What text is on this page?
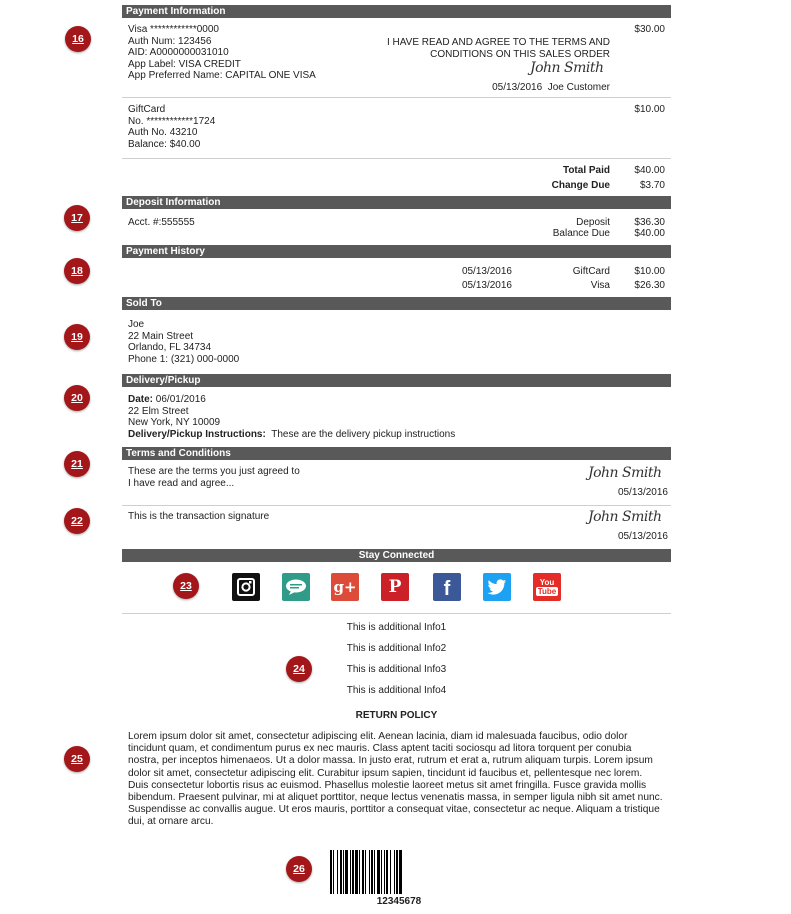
Payment Information
16
Visa ************0000
Auth Num: 123456
AID: A0000000031010
App Label: VISA CREDIT
App Preferred Name: CAPITAL ONE VISA
I HAVE READ AND AGREE TO THE TERMS AND
CONDITIONS ON THIS SALES ORDER
John Smith
05/13/2016 Joe Customer
$30.00
GiftCard
No. ************1724
Auth No. 43210
Balance: $40.00
$10.00
Total Paid $40.00
Change Due	$3.70
Deposit Information
17	Acct. #:555555	Deposit $36.30
Balance Due $40.00
Payment History
18	05/13/2016	GiftCard $10.00
05/13/2016	Visa $26.30
Sold To
19
Joe
22 Main Street
Orlando, FL 34734
Phone 1: (321) 000-0000
Delivery/Pickup
20	Date: 06/01/2016
22 Elm Street
New York, NY 10009
Delivery/Pickup Instructions: These are the delivery pickup instructions
Terms and Conditions
21
These are the terms you just agreed to
I have read and agree...
John Smith
05/13/2016
22	This is the transaction signature	John Smith
05/13/2016
Stay Connected
23	g+	P	f	You
Tube
24
This is additional Info1
This is additional Info2
This is additional Info3
This is additional Info4
RETURN POLICY
25
Lorem ipsum dolor sit amet, consectetur adipiscing elit. Aenean lacinia, diam id malesuada faucibus, odio dolor tincidunt quam, et condimentum purus ex nec mauris. Class aptent taciti sociosqu ad litora torquent per conubia nostra, per inceptos himenaeos. Ut a dolor massa. In justo erat, rutrum et erat a, rutrum aliquam turpis. Lorem ipsum dolor sit amet, consectetur adipiscing elit. Curabitur ipsum sapien, tincidunt id faucibus et, pellentesque nec lorem. Duis consectetur lobortis risus ac euismod. Phasellus molestie laoreet metus sit amet fringilla. Fusce gravida mollis bibendum. Praesent pulvinar, mi at aliquet porttitor, neque lectus venenatis massa, in semper ligula nibh sit amet nunc. Suspendisse ac convallis augue. Ut eros mauris, porttitor a consequat vitae, consectetur ac neque. Aliquam a tristique dui, at ornare arcu.
26
12345678
